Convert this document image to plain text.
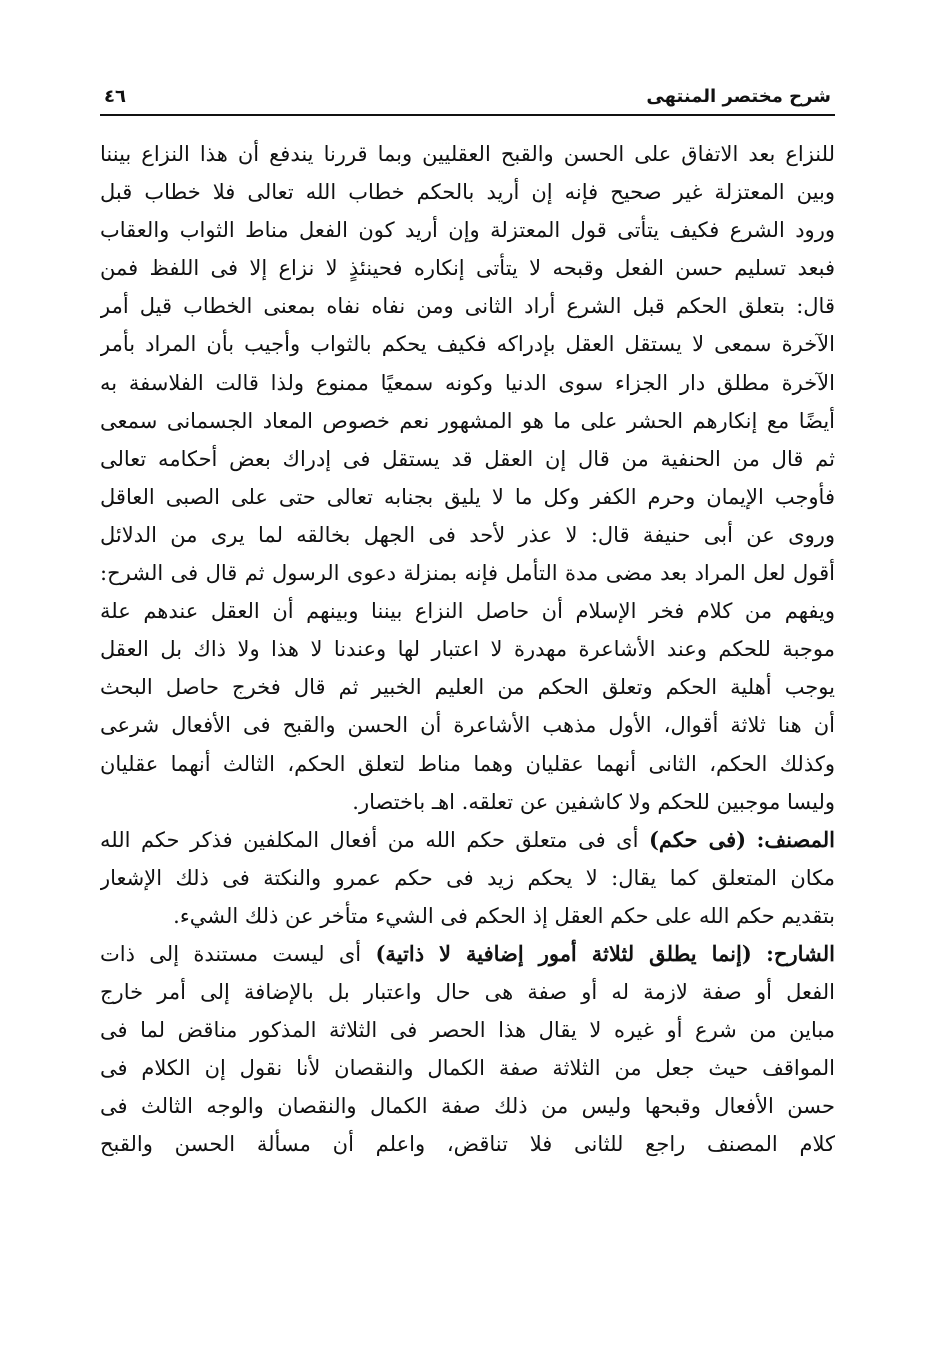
شرح مختصر المنتهى
٤٦
للنزاع بعد الاتفاق على الحسن والقبح العقليين وبما قررنا يندفع أن هذا النزاع بيننا
وبين المعتزلة غير صحيح فإنه إن أريد بالحكم خطاب الله تعالى فلا خطاب قبل
ورود الشرع فكيف يتأتى قول المعتزلة وإن أريد كون الفعل مناط الثواب والعقاب
فبعد تسليم حسن الفعل وقبحه لا يتأتى إنكاره فحينئذٍ لا نزاع إلا فى اللفظ فمن
قال: بتعلق الحكم قبل الشرع أراد الثانى ومن نفاه نفاه بمعنى الخطاب قيل أمر
الآخرة سمعى لا يستقل العقل بإدراكه فكيف يحكم بالثواب وأجيب بأن المراد بأمر
الآخرة مطلق دار الجزاء سوى الدنيا وكونه سمعيًا ممنوع ولذا قالت الفلاسفة به
أيضًا مع إنكارهم الحشر على ما هو المشهور نعم خصوص المعاد الجسمانى سمعى
ثم قال من الحنفية من قال إن العقل قد يستقل فى إدراك بعض أحكامه تعالى
فأوجب الإيمان وحرم الكفر وكل ما لا يليق بجنابه تعالى حتى على الصبى العاقل
وروى عن أبى حنيفة قال: لا عذر لأحد فى الجهل بخالقه لما يرى من الدلائل
أقول لعل المراد بعد مضى مدة التأمل فإنه بمنزلة دعوى الرسول ثم قال فى الشرح:
ويفهم من كلام فخر الإسلام أن حاصل النزاع بيننا وبينهم أن العقل عندهم علة
موجبة للحكم وعند الأشاعرة مهدرة لا اعتبار لها وعندنا لا هذا ولا ذاك بل العقل
يوجب أهلية الحكم وتعلق الحكم من العليم الخبير ثم قال فخرج حاصل البحث
أن هنا ثلاثة أقوال، الأول مذهب الأشاعرة أن الحسن والقبح فى الأفعال شرعى
وكذلك الحكم، الثانى أنهما عقليان وهما مناط لتعلق الحكم، الثالث أنهما عقليان
وليسا موجبين للحكم ولا كاشفين عن تعلقه. اهـ باختصار.
المصنف: (فى حكم) أى فى متعلق حكم الله من أفعال المكلفين فذكر حكم الله
مكان المتعلق كما يقال: لا يحكم زيد فى حكم عمرو والنكتة فى ذلك الإشعار
بتقديم حكم الله على حكم العقل إذ الحكم فى الشيء متأخر عن ذلك الشيء.
الشارح: (إنما يطلق لثلاثة أمور إضافية لا ذاتية) أى ليست مستندة إلى ذات
الفعل أو صفة لازمة له أو صفة هى حال واعتبار بل بالإضافة إلى أمر خارج
مباين من شرع أو غيره لا يقال هذا الحصر فى الثلاثة المذكور مناقض لما فى
المواقف حيث جعل من الثلاثة صفة الكمال والنقصان لأنا نقول إن الكلام فى
حسن الأفعال وقبحها وليس من ذلك صفة الكمال والنقصان والوجه الثالث فى
كلام المصنف راجع للثانى فلا تناقض، واعلم أن مسألة الحسن والقبح
